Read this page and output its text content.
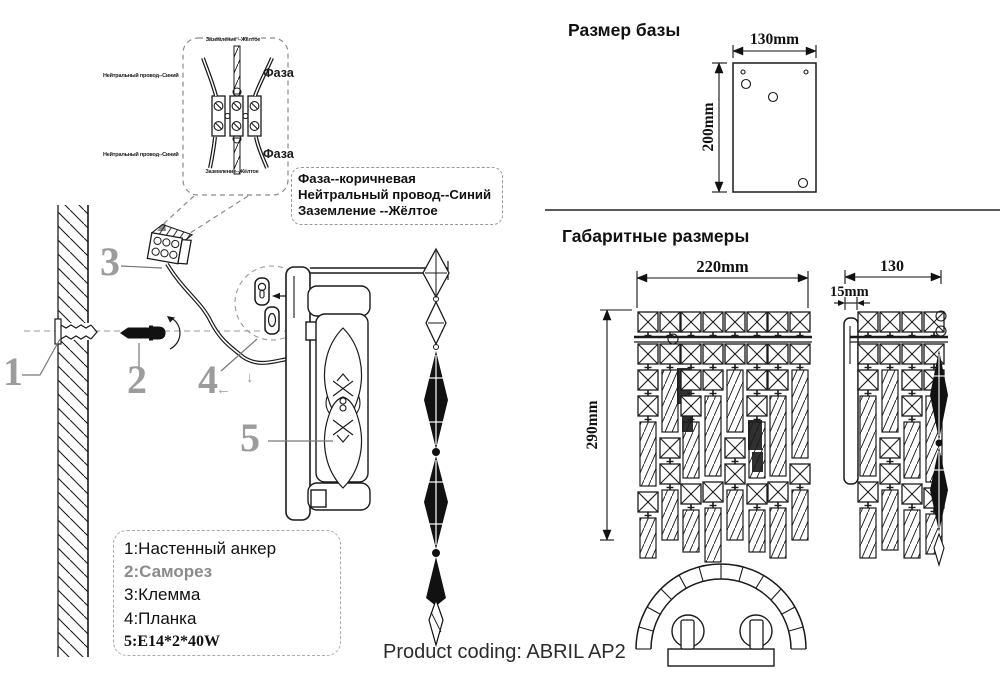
Заземление --Жёлтое
Нейтральный провод--Синий	Фаза
Нейтральный провод--Синий	Фаза
Заземление--Жёлтое	Фаза--коричневая
Нейтральный провод--Синий
Заземление --Жёлтое
1	2
3
4
5
←
↓
1:Настенный анкер
2:Саморез
3:Клемма
4:Планка
5:E14*2*40W
Размер базы	130mm
200mm
Габаритные размеры
220mm
290mm
130
15mm
Product coding: ABRIL AP2
